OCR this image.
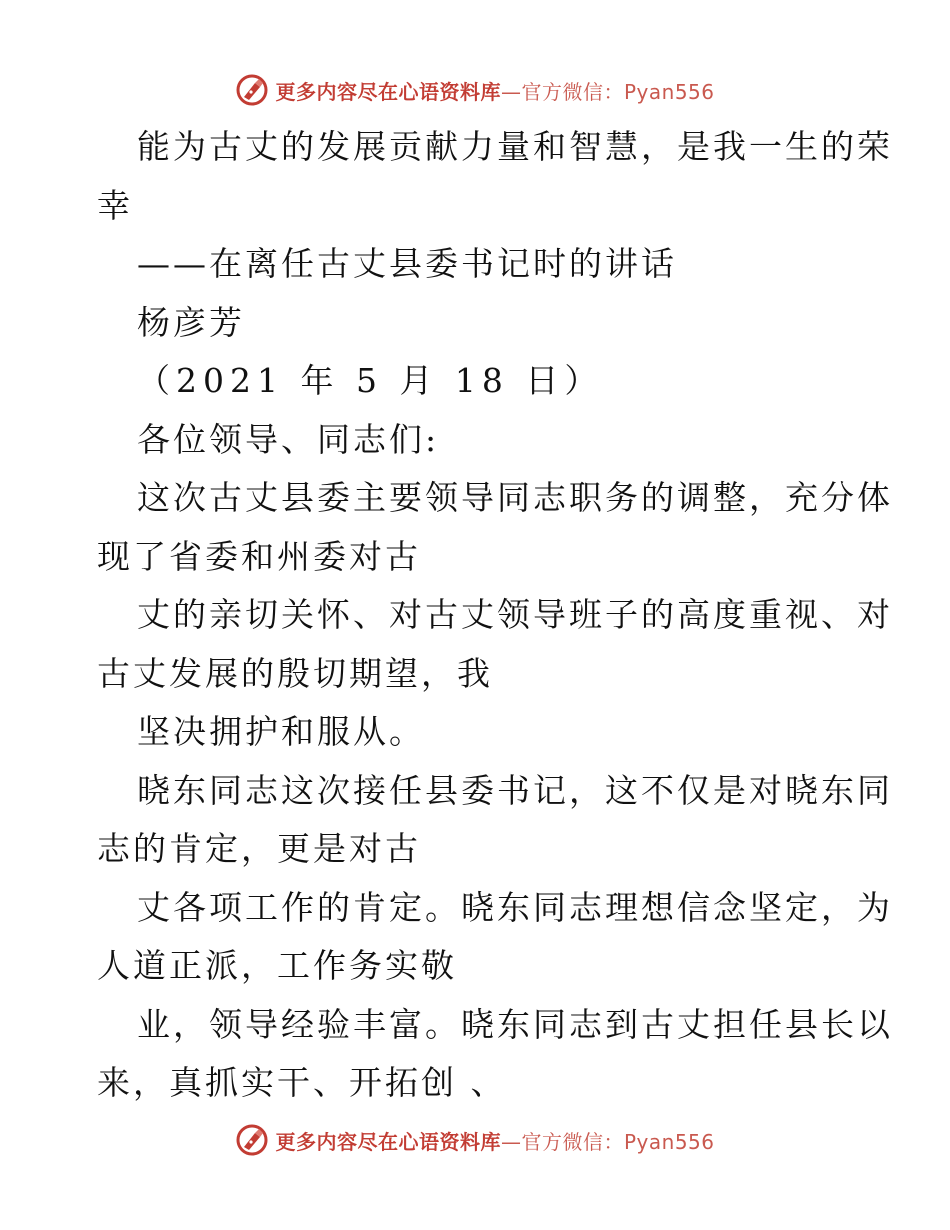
更多内容尽在心语资料库—官方微信：Pyan556
能为古丈的发展贡献力量和智慧，是我一生的荣
幸
——在离任古丈县委书记时的讲话
杨彦芳
（2021 年 5 月 18 日）
各位领导、同志们:
这次古丈县委主要领导同志职务的调整，充分体
现了省委和州委对古
丈的亲切关怀、对古丈领导班子的高度重视、对
古丈发展的殷切期望，我
坚决拥护和服从。
晓东同志这次接任县委书记，这不仅是对晓东同
志的肯定，更是对古
丈各项工作的肯定。晓东同志理想信念坚定，为
人道正派，工作务实敬
业，领导经验丰富。晓东同志到古丈担任县长以
来，真抓实干、开拓创 、
更多内容尽在心语资料库—官方微信：Pyan556
